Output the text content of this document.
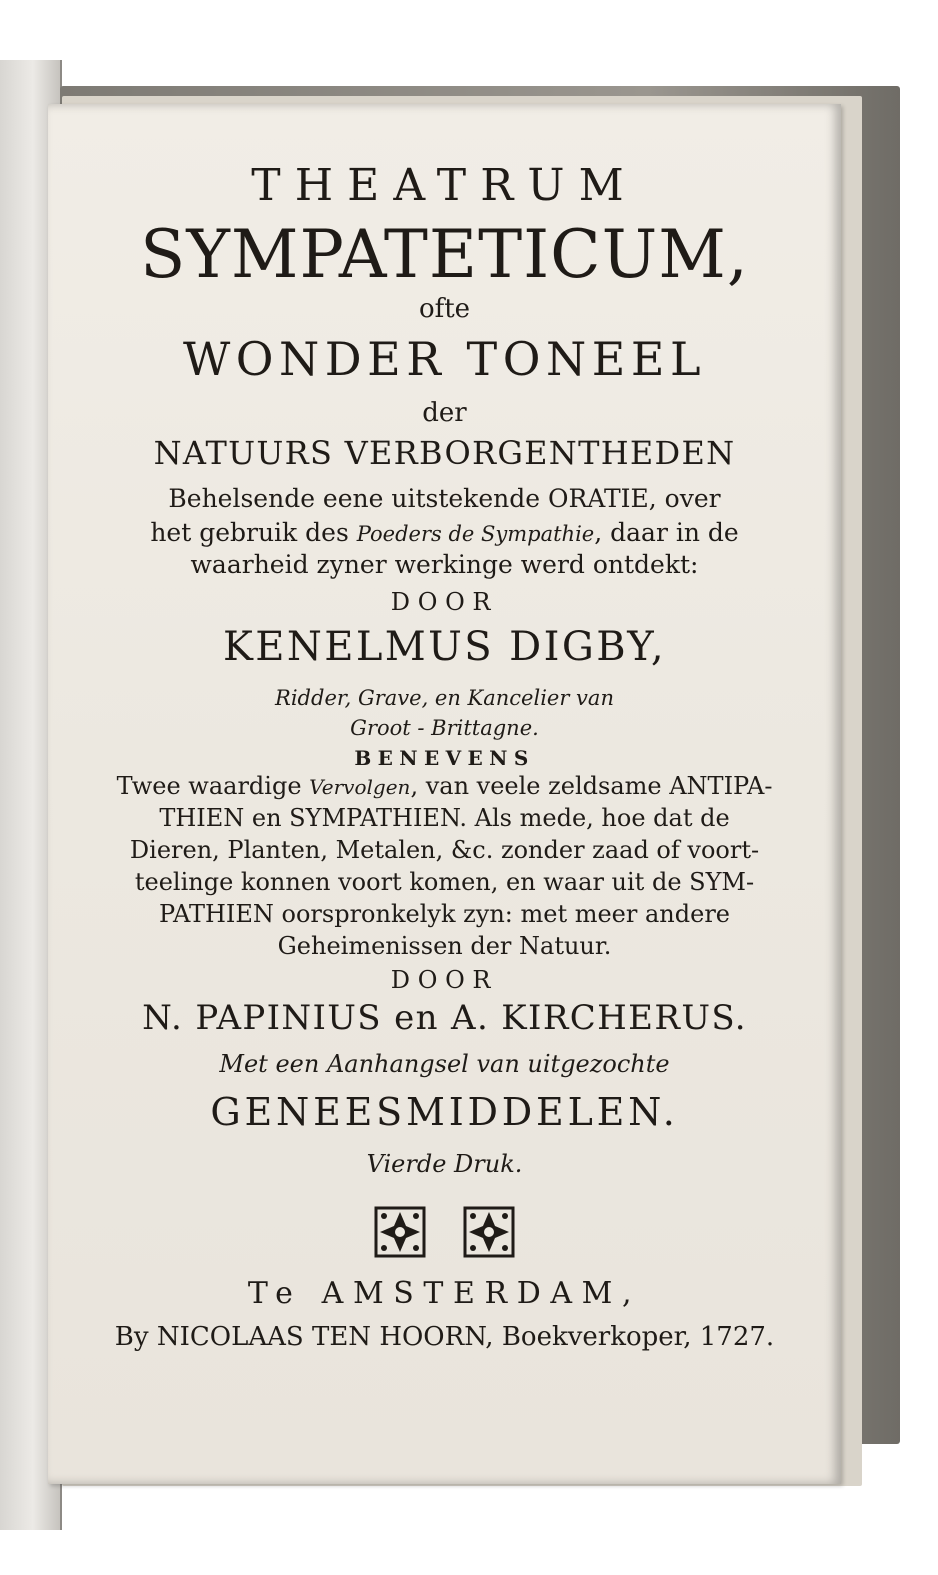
THEATRUM
SYMPATETICUM,
ofte
WONDER TONEEL
der
NATUURS VERBORGENTHEDEN
Behelsende eene uitstekende ORATIE, over
het gebruik des Poeders de Sympathie, daar in de
waarheid zyner werkinge werd ontdekt:
DOOR
KENELMUS DIGBY,
Ridder, Grave, en Kancelier van
Groot - Brittagne.
BENEVENS
Twee waardige Vervolgen, van veele zeldsame ANTIPA-
THIEN en SYMPATHIEN. Als mede, hoe dat de
Dieren, Planten, Metalen, &c. zonder zaad of voort-
teelinge konnen voort komen, en waar uit de SYM-
PATHIEN oorspronkelyk zyn: met meer andere
Geheimenissen der Natuur.
DOOR
N. PAPINIUS en A. KIRCHERUS.
Met een Aanhangsel van uitgezochte
GENEESMIDDELEN.
Vierde Druk.

Te AMSTERDAM,
By NICOLAAS TEN HOORN, Boekverkoper, 1727.
